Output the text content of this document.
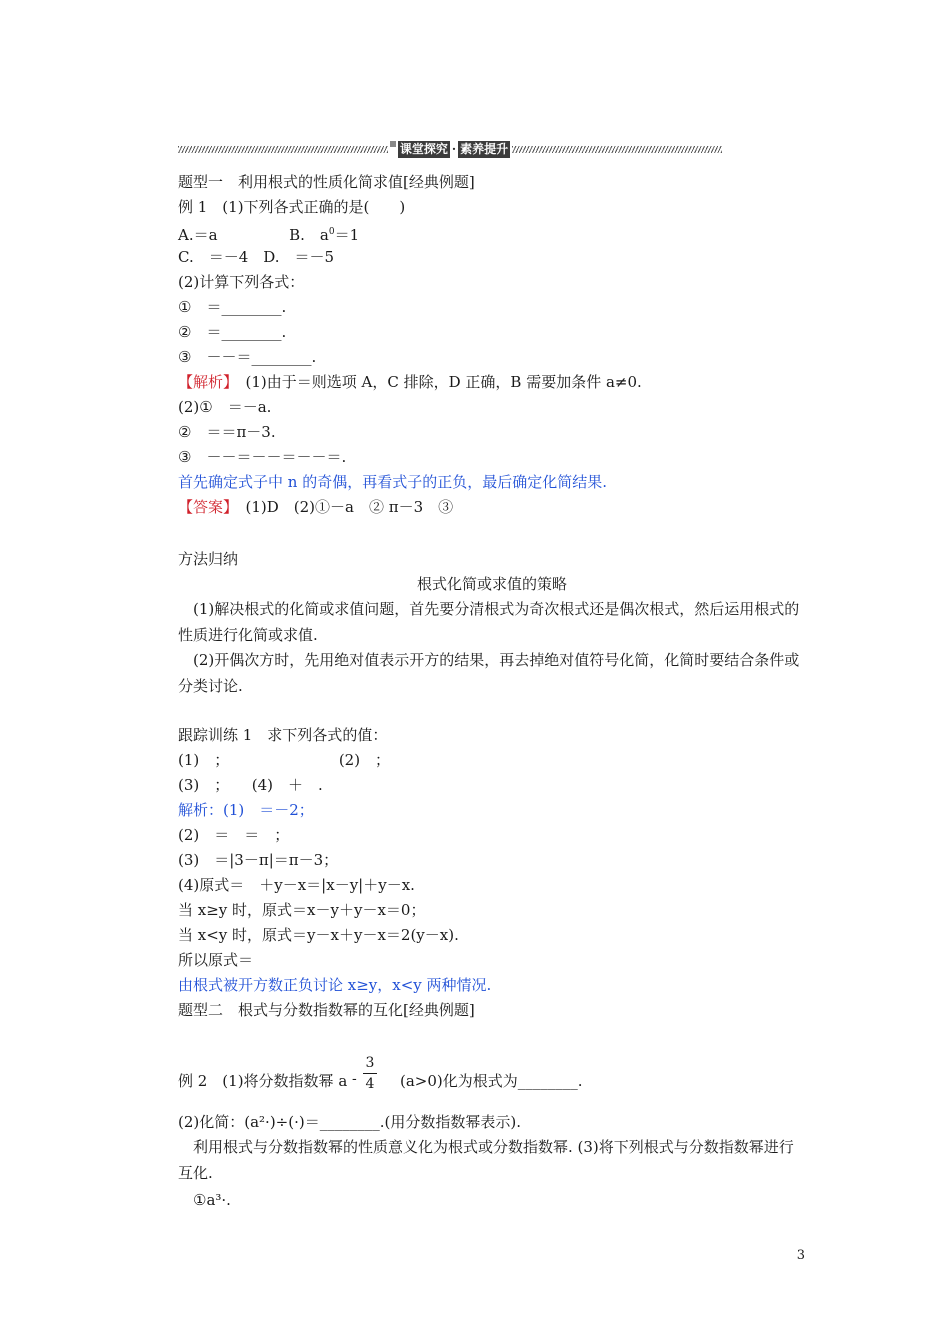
课堂探究 · 素养提升
题型一　利用根式的性质化简求值[经典例题]
例 1　(1)下列各式正确的是(　　)
A.＝a	B.　$a^0=1$
C.　＝－4　D.　＝－5
(2)计算下列各式：
①　＝________.
②　＝________.
③　－－＝________.
【解析】　(1)由于＝则选项 A，C 排除，D 正确，B 需要加条件 a≠0.
(2)①　＝－a.
②　＝＝π－3.
③　－－＝－－＝－－＝.
首先确定式子中 n 的奇偶，再看式子的正负，最后确定化简结果.
【答案】　(1)D　(2)①－a　② π－3　③
方法归纳
根式化简或求值的策略
(1)解决根式的化简或求值问题，首先要分清根式为奇次根式还是偶次根式，然后运用根式的性质进行化简或求值.
(2)开偶次方时，先用绝对值表示开方的结果，再去掉绝对值符号化简，化简时要结合条件或分类讨论.
跟踪训练 1　求下列各式的值：
(1)　；	(2)　；
(3)　；　　(4)　＋　.
解析：(1)　＝－2；
(2)　＝　＝　；
(3)　＝|3－π|＝π－3；
(4)原式＝　＋y－x＝|x－y|＋y－x.
当 x≥y 时，原式＝x－y＋y－x＝0；
当 x<y 时，原式＝y－x＋y－x＝2(y－x).
所以原式＝
由根式被开方数正负讨论 x≥y，x<y 两种情况.
题型二　根式与分数指数幂的互化[经典例题]
例 2　(1)将分数指数幂 a -
3
4 (a>0)化为根式为________.
(2)化简：(a²·)÷(·)＝________.(用分数指数幂表示).
利用根式与分数指数幂的性质意义化为根式或分数指数幂. (3)将下列根式与分数指数幂进行互化.
①a³·.
3
